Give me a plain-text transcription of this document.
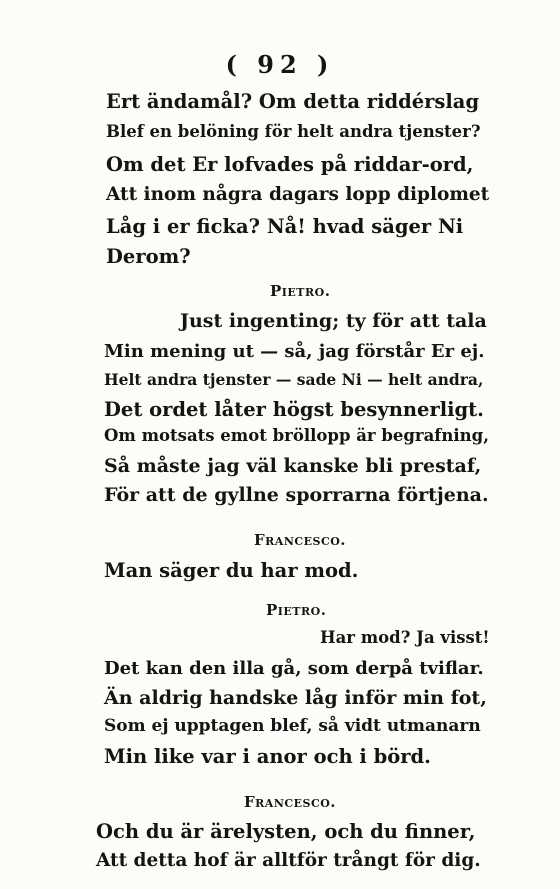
( 92 )
Ert ändamål? Om detta riddérslag
Blef en belöning för helt andra tjenster?
Om det Er lofvades på riddar-ord,
Att inom några dagars lopp diplomet
Låg i er ficka? Nå! hvad säger Ni
Derom?
Pietro.
Just ingenting; ty för att tala
Min mening ut — så, jag förstår Er ej.
Helt andra tjenster — sade Ni — helt andra,
Det ordet låter högst besynnerligt.
Om motsats emot bröllopp är begrafning,
Så måste jag väl kanske bli prestaf,
För att de gyllne sporrarna förtjena.
Francesco.
Man säger du har mod.
Pietro.
Har mod? Ja visst!
Det kan den illa gå, som derpå tviflar.
Än aldrig handske låg inför min fot,
Som ej upptagen blef, så vidt utmanarn
Min like var i anor och i börd.
Francesco.
Och du är ärelysten, och du finner,
Att detta hof är alltför trångt för dig.
